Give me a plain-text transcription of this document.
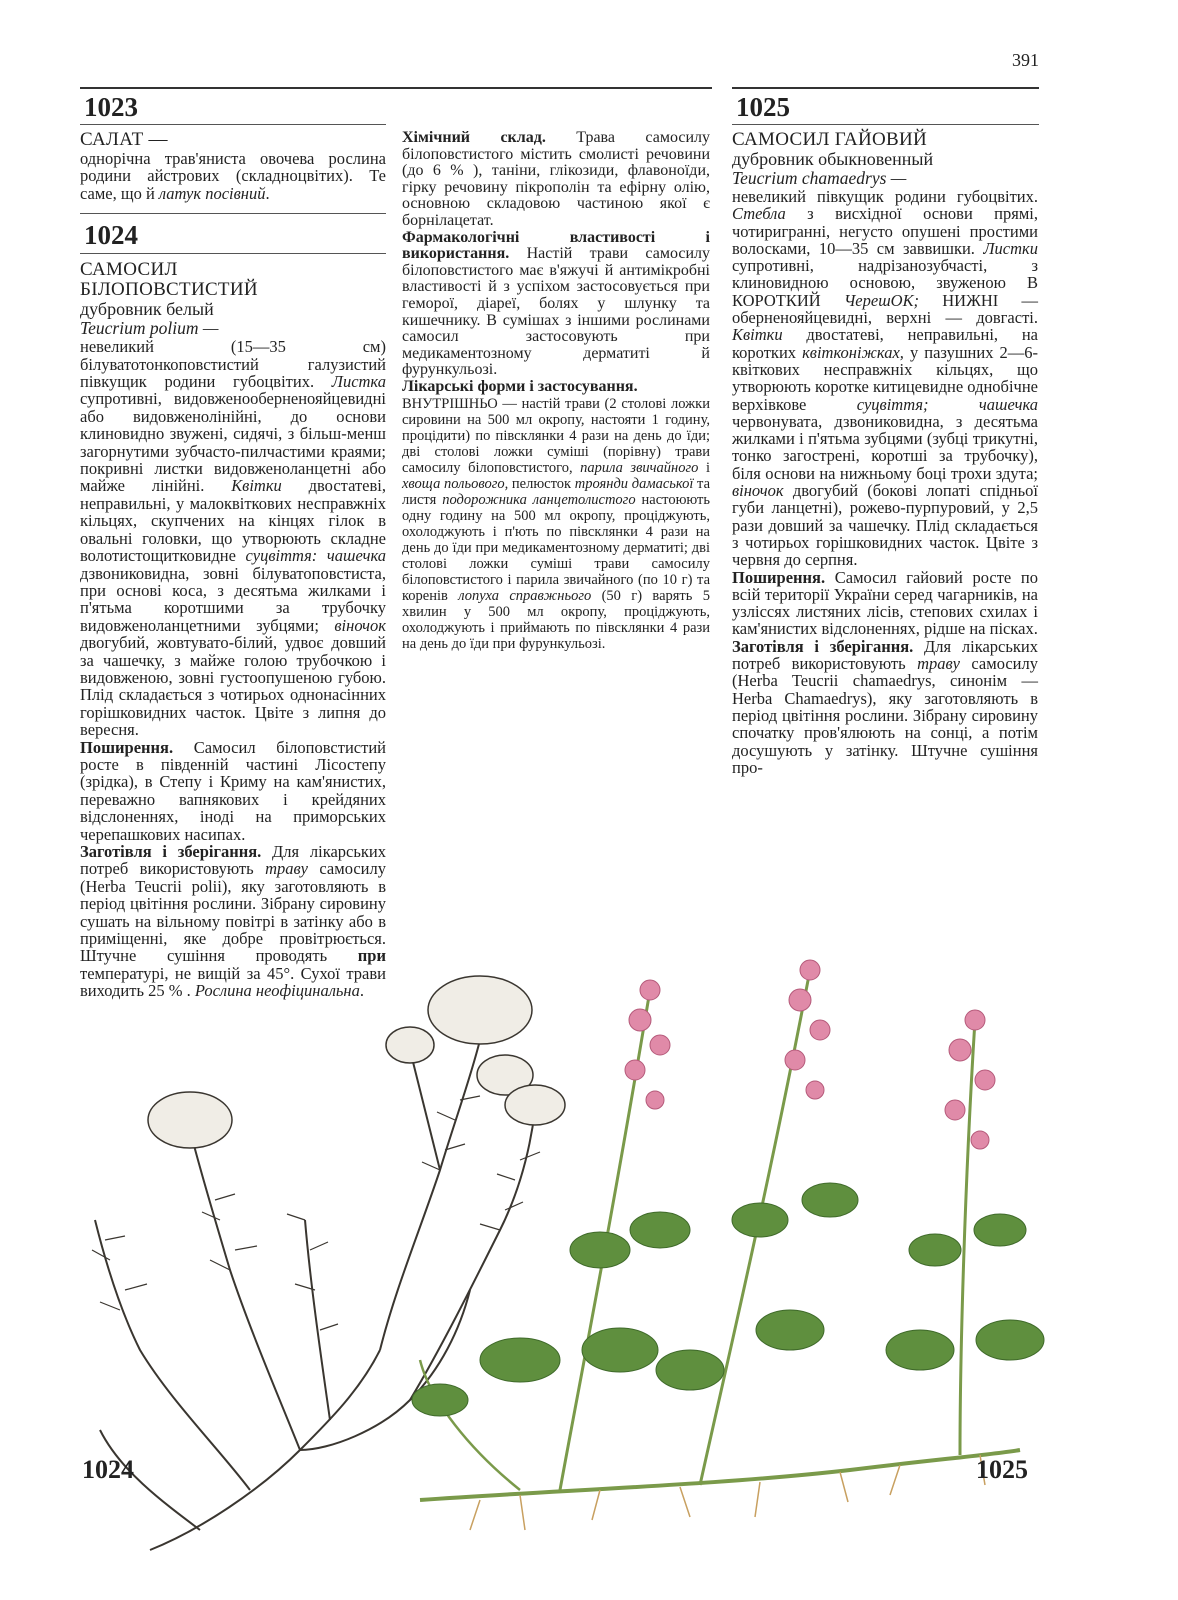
391
1023	1025
САЛАТ —

однорічна трав'яниста овочева рослина родини айстрових (складноцвітих). Те саме, що й латук посівний.

1024
САМОСИЛ
БІЛОПОВСТИСТИЙ
дубровник белый
Teucrium polium —

невеликий (15—35 см) білуватотонкоповстистий галузистий півкущик родини губоцвітих. Листка супротивні, видовженооберненояйцевидні або видовженолінійні, до основи клиновидно звужені, сидячі, з більш-менш загорнутими зубчасто-пилчастими краями; покривні листки видовженоланцетні або майже лінійні. Квітки двостатеві, неправильні, у малоквіткових несправжніх кільцях, скупчених на кінцях гілок в овальні головки, що утворюють складне волотистощитковидне суцвіття: чашечка дзвониковидна, зовні білуватоповстиста, при основі коса, з десятьма жилками і п'ятьма коротшими за трубочку видовженоланцетними зубцями; віночок двогубий, жовтувато-білий, удвоє довший за чашечку, з майже голою трубочкою і видовженою, зовні густоопушеною губою. Плід складається з чотирьох однонасінних горішковидних часток. Цвіте з липня до вересня.

Поширення. Самосил білоповстистий росте в південній частині Лісостепу (зрідка), в Степу і Криму на кам'янистих, переважно вапнякових і крейдяних відслоненнях, іноді на приморських черепашкових насипах.

Заготівля і зберігання. Для лікарських потреб використовують траву самосилу (Herba Teucrii polii), яку заготовляють в період цвітіння рослини. Зібрану сировину сушать на вільному повітрі в затінку або в приміщенні, яке добре провітрюється. Штучне сушіння проводять при температурі, не вищій за 45°. Сухої трави виходить 25 % . Рослина неофіцинальна.

Хімічний склад. Трава самосилу білоповстистого містить смолисті речовини (до 6 % ), таніни, глікозиди, флавоноїди, гірку речовину пікрополін та ефірну олію, основною складовою частиною якої є борнілацетат.

Фармакологічні властивості і використання. Настій трави самосилу білоповстистого має в'яжучі й антимікробні властивості й з успіхом застосовується при геморої, діареї, болях у шлунку та кишечнику. В сумішах з іншими рослинами самосил застосовують при медикаментозному дерматиті й фурункульозі.

Лікарські форми і застосування.

ВНУТРІШНЬО — настій трави (2 столові ложки сировини на 500 мл окропу, настояти 1 годину, процідити) по півсклянки 4 рази на день до їди; дві столові ложки суміші (порівну) трави самосилу білоповстистого, парила звичайного і хвоща польового, пелюсток троянди дамаської та листя подорожника ланцетолистого настоюють одну годину на 500 мл окропу, проціджують, охолоджують і п'ють по півсклянки 4 рази на день до їди при медикаментозному дерматиті; дві столові ложки суміші трави самосилу білоповстистого і парила звичайного (по 10 г) та коренів лопуха справжнього (50 г) варять 5 хвилин у 500 мл окропу, проціджують, охолоджують і приймають по півсклянки 4 рази на день до їди при фурункульозі.

САМОСИЛ ГАЙОВИЙ
дубровник обыкновенный
Teucrium chamaedrys —

невеликий півкущик родини губоцвітих. Стебла з висхідної основи прямі, чотиригранні, негусто опушені простими волосками, 10—35 см заввишки. Листки супротивні, надрізанозубчасті, з клиновидною основою, звуженою В КОРОТКИЙ ЧерешОК; НИЖНІ — оберненояйцевидні, верхні — довгасті. Квітки двостатеві, неправильні, на коротких квітконіжках, у пазушних 2—6-квіткових несправжніх кільцях, що утворюють коротке китицевидне однобічне верхівкове суцвіття; чашечка червонувата, дзвониковидна, з десятьма жилками і п'ятьма зубцями (зубці трикутні, тонко загострені, коротші за трубочку), біля основи на нижньому боці трохи здута; віночок двогубий (бокові лопаті спідньої губи ланцетні), рожево-пурпуровий, у 2,5 рази довший за чашечку. Плід складається з чотирьох горішковидних часток. Цвіте з червня до серпня.

Поширення. Самосил гайовий росте по всій території України серед чагарників, на узліссях листяних лісів, степових схилах і кам'янистих відслоненнях, рідше на пісках.

Заготівля і зберігання. Для лікарських потреб використовують траву самосилу (Herba Teucrii chamaedrys, синонім — Herba Chamaedrys), яку заготовляють в період цвітіння рослини. Зібрану сировину спочатку пров'ялюють на сонці, а потім досушують у затінку. Штучне сушіння про-

1024	1025
